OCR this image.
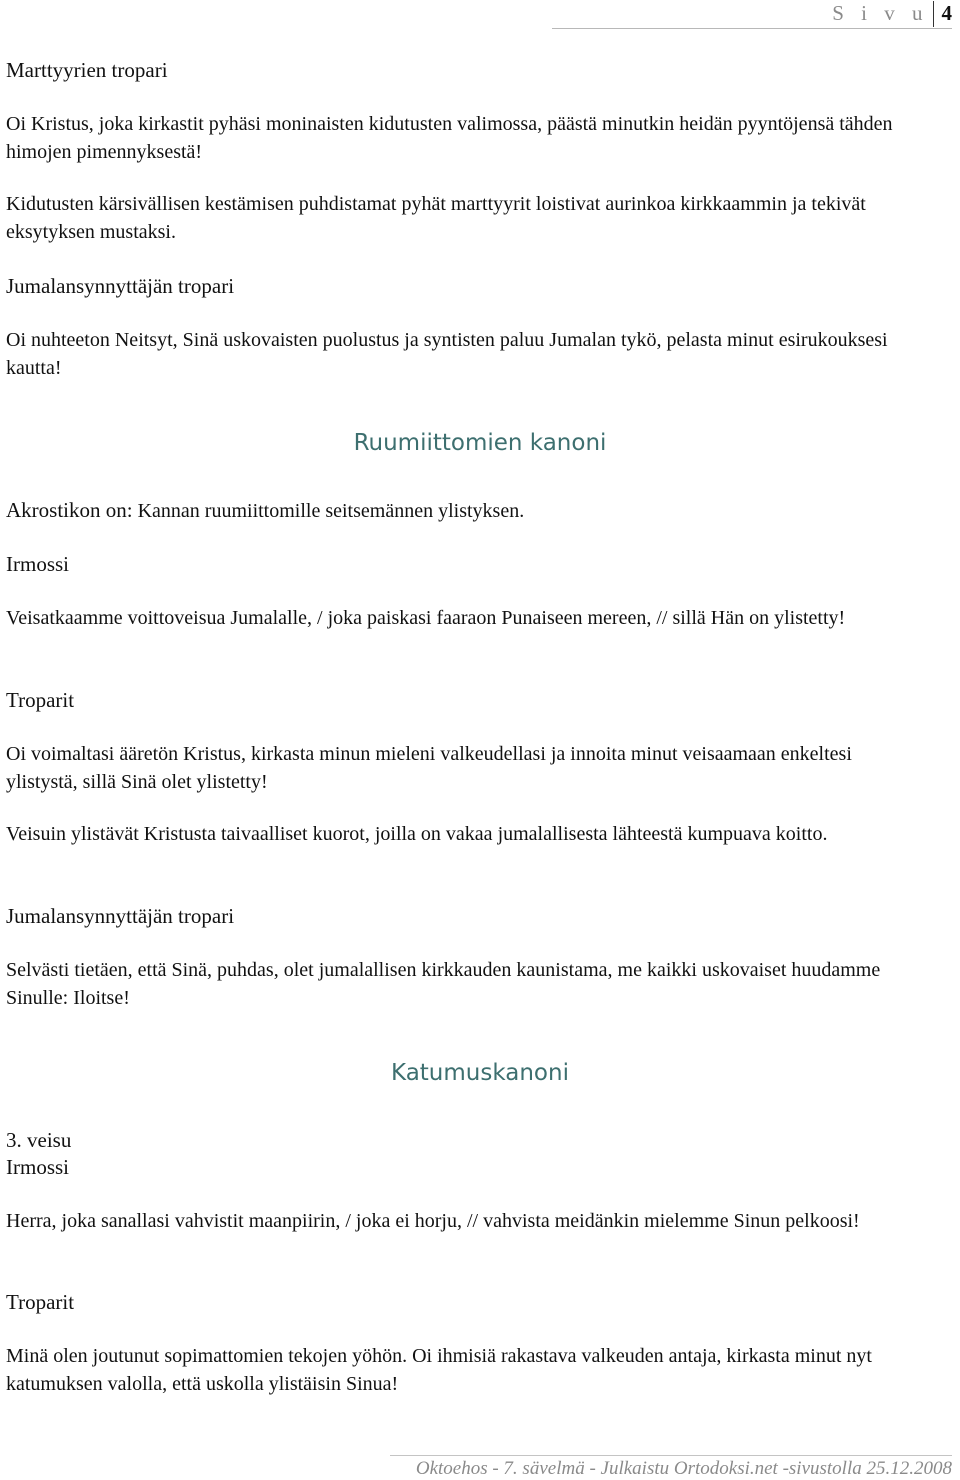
S i v u 4
Marttyyrien tropari
Oi Kristus, joka kirkastit pyhäsi moninaisten kidutusten valimossa, päästä minutkin heidän pyyntöjensä tähden himojen pimennyksestä!
Kidutusten kärsivällisen kestämisen puhdistamat pyhät marttyyrit loistivat aurinkoa kirkkaammin ja tekivät eksytyksen mustaksi.
Jumalansynnyttäjän tropari
Oi nuhteeton Neitsyt, Sinä uskovaisten puolustus ja syntisten paluu Jumalan tykö, pelasta minut esirukouksesi kautta!
Ruumiittomien kanoni
Akrostikon on: Kannan ruumiittomille seitsemännen ylistyksen.
Irmossi
Veisatkaamme voittoveisua Jumalalle, / joka paiskasi faaraon Punaiseen mereen, // sillä Hän on ylistetty!
Troparit
Oi voimaltasi ääretön Kristus, kirkasta minun mieleni valkeudellasi ja innoita minut veisaamaan enkeltesi ylistystä, sillä Sinä olet ylistetty!
Veisuin ylistävät Kristusta taivaalliset kuorot, joilla on vakaa jumalallisesta lähteestä kumpuava koitto.
Jumalansynnyttäjän tropari
Selvästi tietäen, että Sinä, puhdas, olet jumalallisen kirkkauden kaunistama, me kaikki uskovaiset huudamme Sinulle: Iloitse!
Katumuskanoni
3. veisu
Irmossi
Herra, joka sanallasi vahvistit maanpiirin, / joka ei horju, // vahvista meidänkin mielemme Sinun pelkoosi!
Troparit
Minä olen joutunut sopimattomien tekojen yöhön. Oi ihmisiä rakastava valkeuden antaja, kirkasta minut nyt katumuksen valolla, että uskolla ylistäisin Sinua!
Oktoehos - 7. sävelmä - Julkaistu Ortodoksi.net -sivustolla 25.12.2008
